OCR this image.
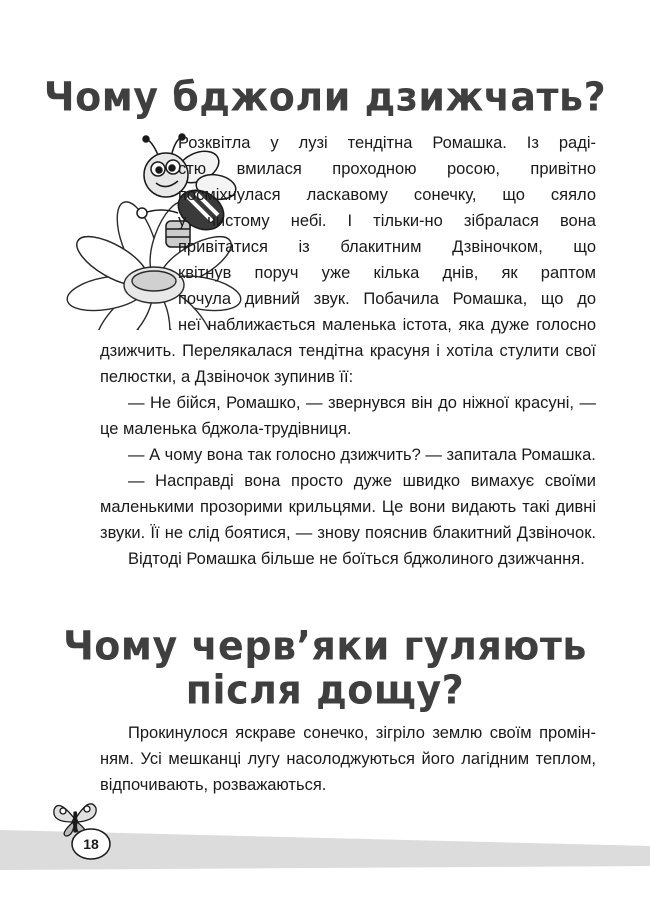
Чому бджоли дзижчать?
Розквітла у лузі тендітна Ромашка. Із раді-
стю вмилася проходною росою, привітно
посміхнулася ласкавому сонечку, що сяяло
у чистому небі. І тільки-но зібралася вона
привітатися із блакитним Дзвіночком, що
квітнув поруч уже кілька днів, як раптом
почула дивний звук. Побачила Ромашка, що до
неї наближається маленька істота, яка дуже голосно
дзижчить. Перелякалася тендітна красуня і хотіла стулити свої
пелюстки, а Дзвіночок зупинив її:
— Не бійся, Ромашко, — звернувся він до ніжної красуні, —
це маленька бджола-трудівниця.
— А чому вона так голосно дзижчить? — запитала Ромашка.
— Насправді вона просто дуже швидко вимахує своїми
маленькими прозорими крильцями. Це вони видають такі дивні
звуки. Її не слід боятися, — знову пояснив блакитний Дзвіночок.
Відтоді Ромашка більше не боїться бджолиного дзижчання.
Чому черв’яки гуляють
після дощу?
Прокинулося яскраве сонечко, зігріло землю своїм промін-
ням. Усі мешканці лугу насолоджуються його лагідним теплом,
відпочивають, розважаються.
18
